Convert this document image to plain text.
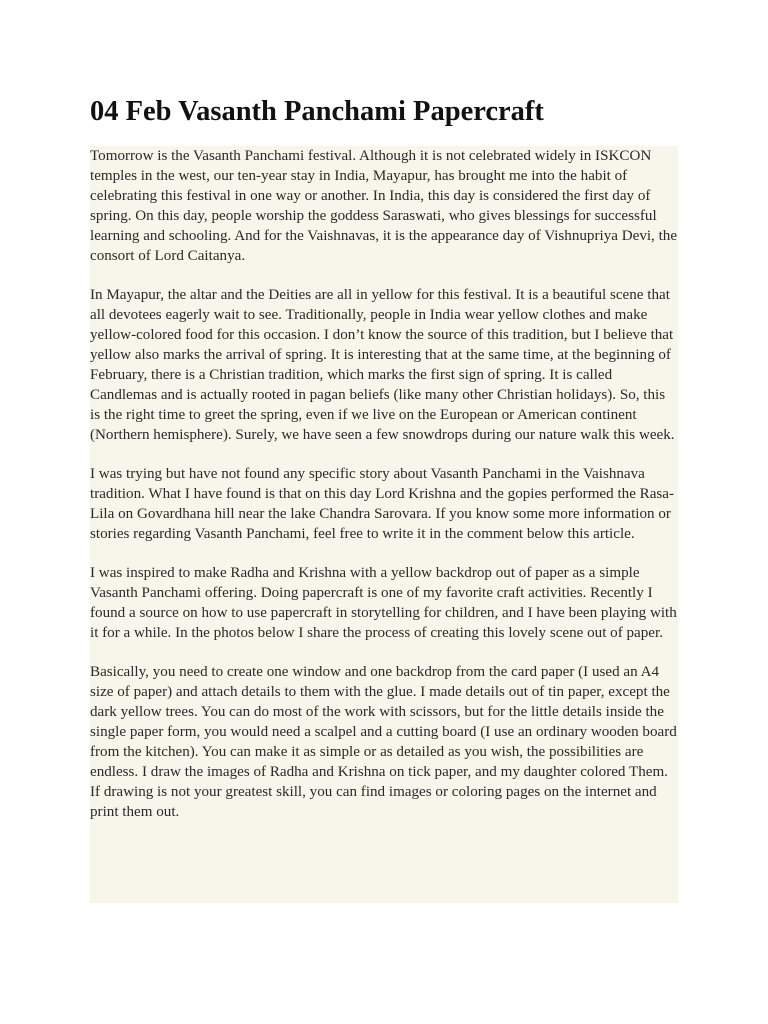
04 Feb Vasanth Panchami Papercraft

Tomorrow is the Vasanth Panchami festival. Although it is not celebrated widely in ISKCON temples in the west, our ten-year stay in India, Mayapur, has brought me into the habit of celebrating this festival in one way or another. In India, this day is considered the first day of spring. On this day, people worship the goddess Saraswati, who gives blessings for successful learning and schooling. And for the Vaishnavas, it is the appearance day of Vishnupriya Devi, the consort of Lord Caitanya.

In Mayapur, the altar and the Deities are all in yellow for this festival. It is a beautiful scene that all devotees eagerly wait to see. Traditionally, people in India wear yellow clothes and make yellow-colored food for this occasion. I don’t know the source of this tradition, but I believe that yellow also marks the arrival of spring. It is interesting that at the same time, at the beginning of February, there is a Christian tradition, which marks the first sign of spring. It is called Candlemas and is actually rooted in pagan beliefs (like many other Christian holidays). So, this is the right time to greet the spring, even if we live on the European or American continent (Northern hemisphere). Surely, we have seen a few snowdrops during our nature walk this week.

I was trying but have not found any specific story about Vasanth Panchami in the Vaishnava tradition. What I have found is that on this day Lord Krishna and the gopies performed the Rasa-Lila on Govardhana hill near the lake Chandra Sarovara. If you know some more information or stories regarding Vasanth Panchami, feel free to write it in the comment below this article.

I was inspired to make Radha and Krishna with a yellow backdrop out of paper as a simple Vasanth Panchami offering. Doing papercraft is one of my favorite craft activities. Recently I found a source on how to use papercraft in storytelling for children, and I have been playing with it for a while. In the photos below I share the process of creating this lovely scene out of paper.

Basically, you need to create one window and one backdrop from the card paper (I used an A4 size of paper) and attach details to them with the glue. I made details out of tin paper, except the dark yellow trees. You can do most of the work with scissors, but for the little details inside the single paper form, you would need a scalpel and a cutting board (I use an ordinary wooden board from the kitchen). You can make it as simple or as detailed as you wish, the possibilities are endless. I draw the images of Radha and Krishna on tick paper, and my daughter colored Them. If drawing is not your greatest skill, you can find images or coloring pages on the internet and print them out.
